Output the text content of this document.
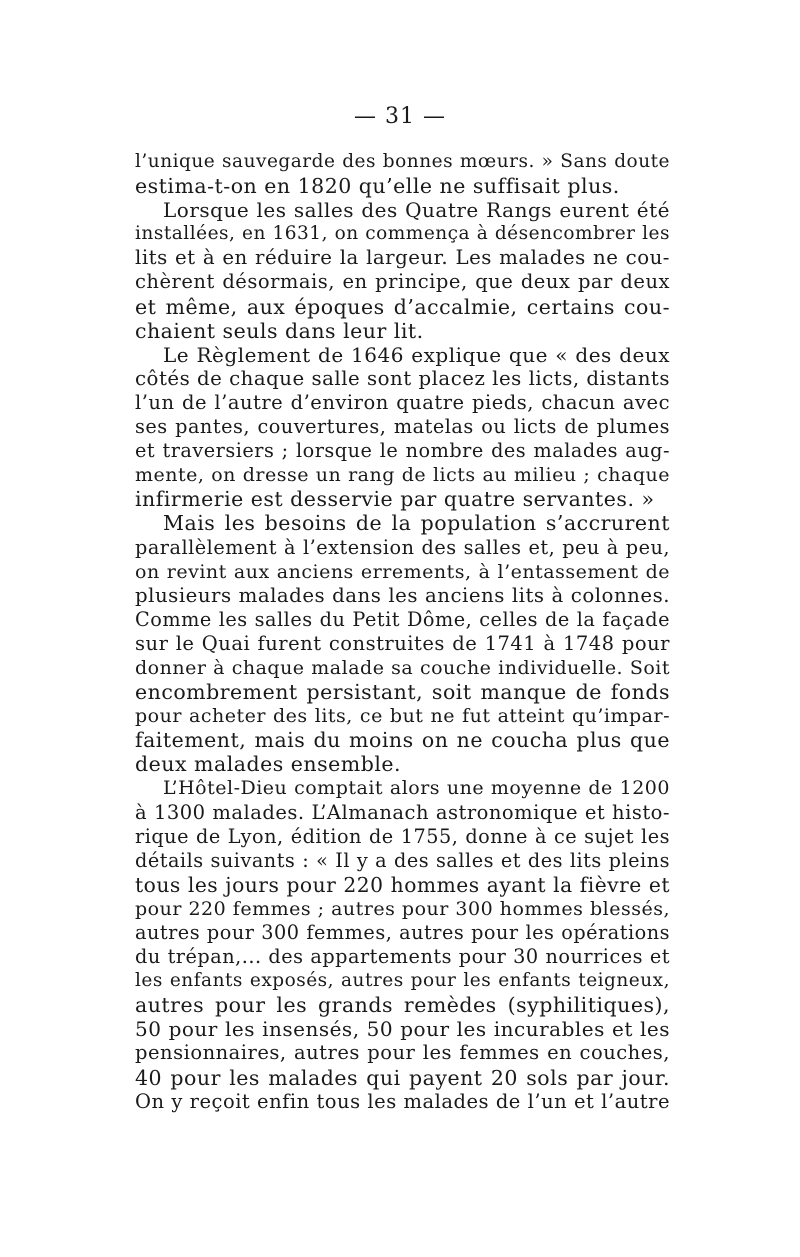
— 31 —
l’unique sauvegarde des bonnes mœurs. » Sans doute
estima-t-on en 1820 qu’elle ne suffisait plus.
Lorsque les salles des Quatre Rangs eurent été
installées, en 1631, on commença à désencombrer les
lits et à en réduire la largeur. Les malades ne cou-
chèrent désormais, en principe, que deux par deux
et même, aux époques d’accalmie, certains cou-
chaient seuls dans leur lit.
Le Règlement de 1646 explique que « des deux
côtés de chaque salle sont placez les licts, distants
l’un de l’autre d’environ quatre pieds, chacun avec
ses pantes, couvertures, matelas ou licts de plumes
et traversiers ; lorsque le nombre des malades aug-
mente, on dresse un rang de licts au milieu ; chaque
infirmerie est desservie par quatre servantes. »
Mais les besoins de la population s’accrurent
parallèlement à l’extension des salles et, peu à peu,
on revint aux anciens errements, à l’entassement de
plusieurs malades dans les anciens lits à colonnes.
Comme les salles du Petit Dôme, celles de la façade
sur le Quai furent construites de 1741 à 1748 pour
donner à chaque malade sa couche individuelle. Soit
encombrement persistant, soit manque de fonds
pour acheter des lits, ce but ne fut atteint qu’impar-
faitement, mais du moins on ne coucha plus que
deux malades ensemble.
L’Hôtel-Dieu comptait alors une moyenne de 1200
à 1300 malades. L’Almanach astronomique et histo-
rique de Lyon, édition de 1755, donne à ce sujet les
détails suivants : « Il y a des salles et des lits pleins
tous les jours pour 220 hommes ayant la fièvre et
pour 220 femmes ; autres pour 300 hommes blessés,
autres pour 300 femmes, autres pour les opérations
du trépan,... des appartements pour 30 nourrices et
les enfants exposés, autres pour les enfants teigneux,
autres pour les grands remèdes (syphilitiques),
50 pour les insensés, 50 pour les incurables et les
pensionnaires, autres pour les femmes en couches,
40 pour les malades qui payent 20 sols par jour.
On y reçoit enfin tous les malades de l’un et l’autre
